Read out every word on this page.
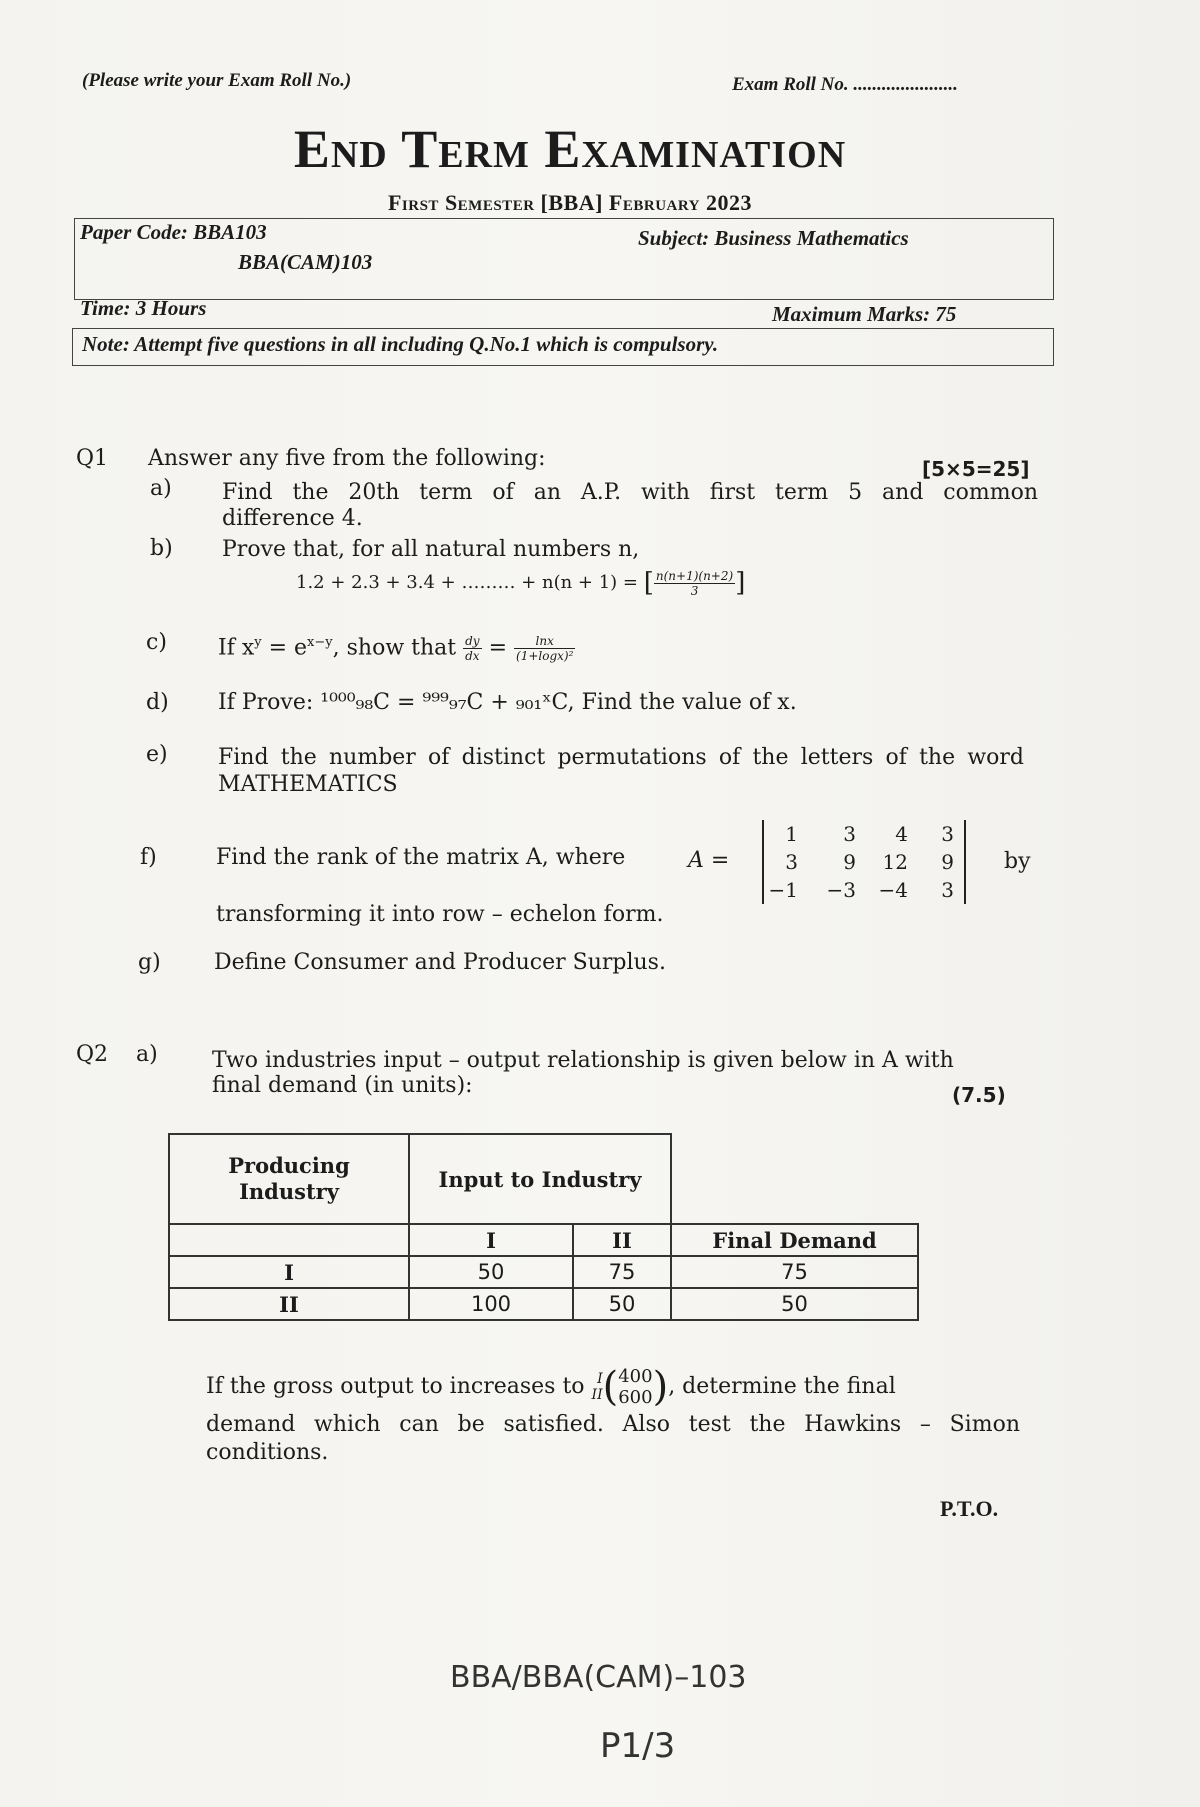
(Please write your Exam Roll No.)	Exam Roll No. ......................
End Term Examination
First Semester [BBA] February 2023
Paper Code: BBA103
BBA(CAM)103
Subject: Business Mathematics
Time: 3 Hours	Maximum Marks: 75
Note: Attempt five questions in all including Q.No.1 which is compulsory.
Q1 Answer any five from the following:	[5×5=25]
a) Find the 20th term of an A.P. with first term 5 and common
difference 4.
b) Prove that, for all natural numbers n,
1.2 + 2.3 + 3.4 + ……… + n(n + 1) = [ $\frac{n(n+1)(n+2)}{3}$ ]
c) If $x^y = e^{x-y}$, show that $\frac{dy}{dx} = \frac{\ln x}{\text{(1+logx)²}}$
d) If Prove: ¹⁰⁰⁰₉₈C = ⁹⁹⁹₉₇C + ₉₀₁ˣC, Find the value of x.
e) Find the number of distinct permutations of the letters of the word
MATHEMATICS
f)	Find the rank of the matrix A, where	A =
1	3	4	3
3	9	12	9
−1	−3	−4	3
by
transforming it into row – echelon form.
g) Define Consumer and Producer Surplus.
Q2 a) Two industries input – output relationship is given below in A with
final demand (in units):	(7.5)
Producing Industry	Input to Industry		
	I	II	Final Demand
I	50	75	75
II	100	50	50
If the gross output to increases to I
II ( 400
600 ), determine the final
demand which can be satisfied. Also test the Hawkins – Simon
conditions.
P.T.O.
BBA/BBA(CAM)–103
P1/3
